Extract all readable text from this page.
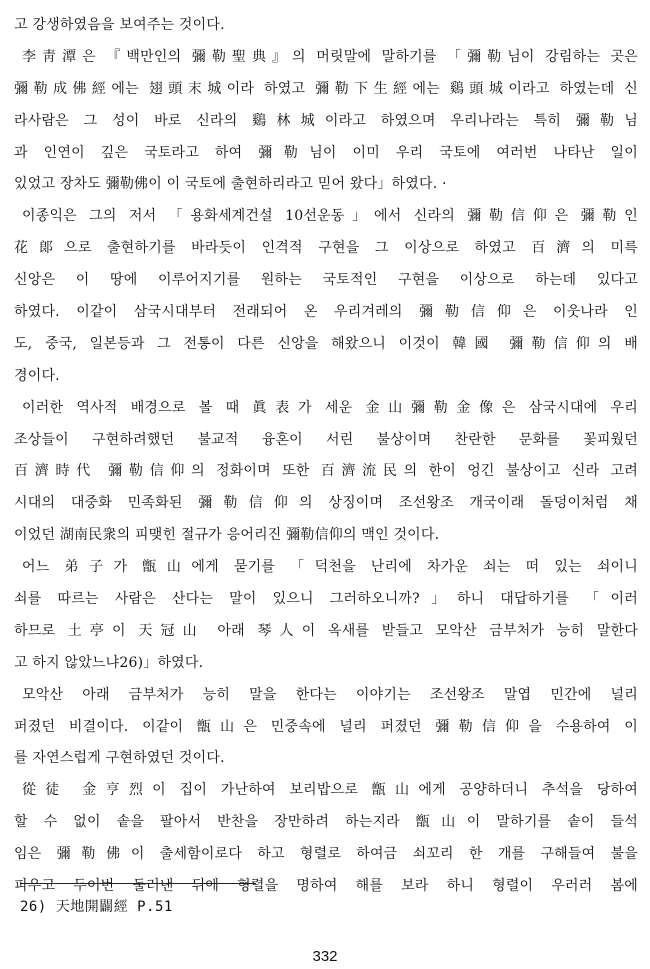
고 강생하였음을 보여주는 것이다.
李靑潭은 『백만인의 彌勒聖典』의 머릿말에 말하기를 「彌勒님이 강림하는 곳은
彌勒成佛經에는 翅頭末城이라 하였고 彌勒下生經에는 鷄頭城이라고 하였는데 신
라사람은 그 성이 바로 신라의 鷄林城이라고 하였으며 우리나라는 특히 彌勒님
과 인연이 깊은 국토라고 하여 彌勒님이 이미 우리 국토에 여러번 나타난 일이
있었고 장차도 彌勒佛이 이 국토에 출현하리라고 믿어 왔다」하였다. ·
이종익은 그의 저서 「용화세계건설 10선운동」에서 신라의 彌勒信仰은 彌勒인
花郞으로 출현하기를 바라듯이 인격적 구현을 그 이상으로 하였고 百濟의 미륵
신앙은 이 땅에 이루어지기를 원하는 국토적인 구현을 이상으로 하는데 있다고
하였다. 이같이 삼국시대부터 전래되어 온 우리겨레의 彌勒信仰은 이웃나라 인
도, 중국, 일본등과 그 전통이 다른 신앙을 해왔으니 이것이 韓國 彌勒信仰의 배
경이다.
이러한 역사적 배경으로 볼 때 眞表가 세운 金山彌勒金像은 삼국시대에 우리
조상들이 구현하려했던 불교적 융혼이 서린 불상이며 찬란한 문화를 꽃피웠던
百濟時代 彌勒信仰의 정화이며 또한 百濟流民의 한이 엉긴 불상이고 신라 고려
시대의 대중화 민족화된 彌勒信仰의 상징이며 조선왕조 개국이래 돌덩이처럼 채
이었던 湖南民衆의 피맺힌 절규가 응어리진 彌勒信仰의 맥인 것이다.
어느 弟子가 甑山에게 묻기를 「덕천을 난리에 차가운 쇠는 떠 있는 쇠이니
쇠를 따르는 사람은 산다는 말이 있으니 그러하오니까?」하니 대답하기를 「이러
하므로 土亭이 天冠山 아래 琴人이 옥새를 받들고 모악산 금부처가 능히 말한다
고 하지 않았느냐26)」하였다.
모악산 아래 금부처가 능히 말을 한다는 이야기는 조선왕조 말엽 민간에 널리
퍼졌던 비결이다. 이같이 甑山은 민중속에 널리 퍼졌던 彌勒信仰을 수용하여 이
를 자연스럽게 구현하였던 것이다.
從徒 金亨烈이 집이 가난하여 보리밥으로 甑山에게 공양하더니 추석을 당하여
할 수 없이 솥을 팔아서 반찬을 장만하려 하는지라 甑山이 말하기를 솥이 들석
임은 彌勒佛이 출세함이로다 하고 형렬로 하여금 쇠꼬리 한 개를 구해들여 불을
피우고 두어번 둘러낸 뒤에 형렬을 명하여 해를 보라 하니 형렬이 우러러 봄에
26) 天地開闢經 P.51
332
